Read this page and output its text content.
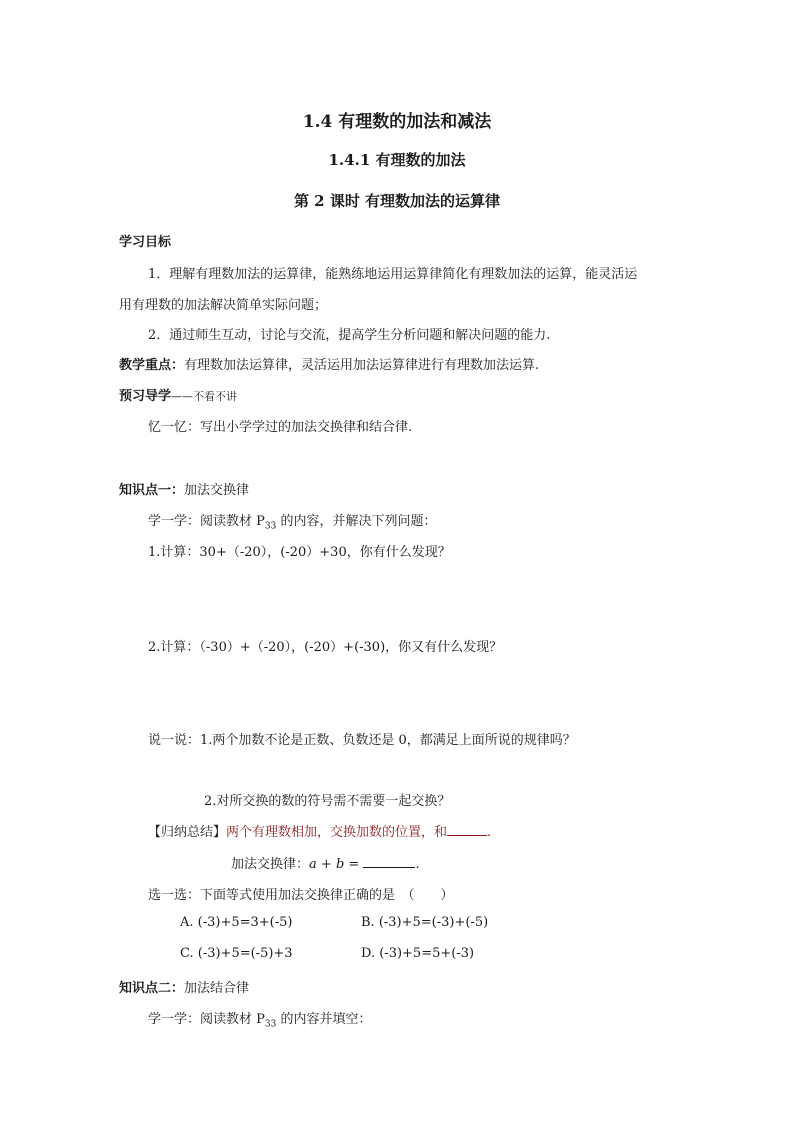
1.4 有理数的加法和减法
1.4.1 有理数的加法
第 2 课时 有理数加法的运算律
学习目标
1．理解有理数加法的运算律，能熟练地运用运算律简化有理数加法的运算，能灵活运
用有理数的加法解决简单实际问题；
2．通过师生互动，讨论与交流，提高学生分析问题和解决问题的能力.
教学重点：有理数加法运算律，灵活运用加法运算律进行有理数加法运算.
预习导学——不看不讲
忆一忆：写出小学学过的加法交换律和结合律.
知识点一：加法交换律
学一学：阅读教材 $P_{33}$ 的内容，并解决下列问题：
1.计算：30+（-20），(-20）+30，你有什么发现？
2.计算：（-30）+（-20），(-20）+(-30)，你又有什么发现？
说一说：1.两个加数不论是正数、负数还是 0，都满足上面所说的规律吗？
2.对所交换的数的符号需不需要一起交换？
【归纳总结】两个有理数相加，交换加数的位置，和	.
加法交换律：a + b =	.
选一选：下面等式使用加法交换律正确的是　（　　）
A. (-3)+5=3+(-5)	B. (-3)+5=(-3)+(-5)
C. (-3)+5=(-5)+3	D. (-3)+5=5+(-3)
知识点二：加法结合律
学一学：阅读教材 $P_{33}$ 的内容并填空：
